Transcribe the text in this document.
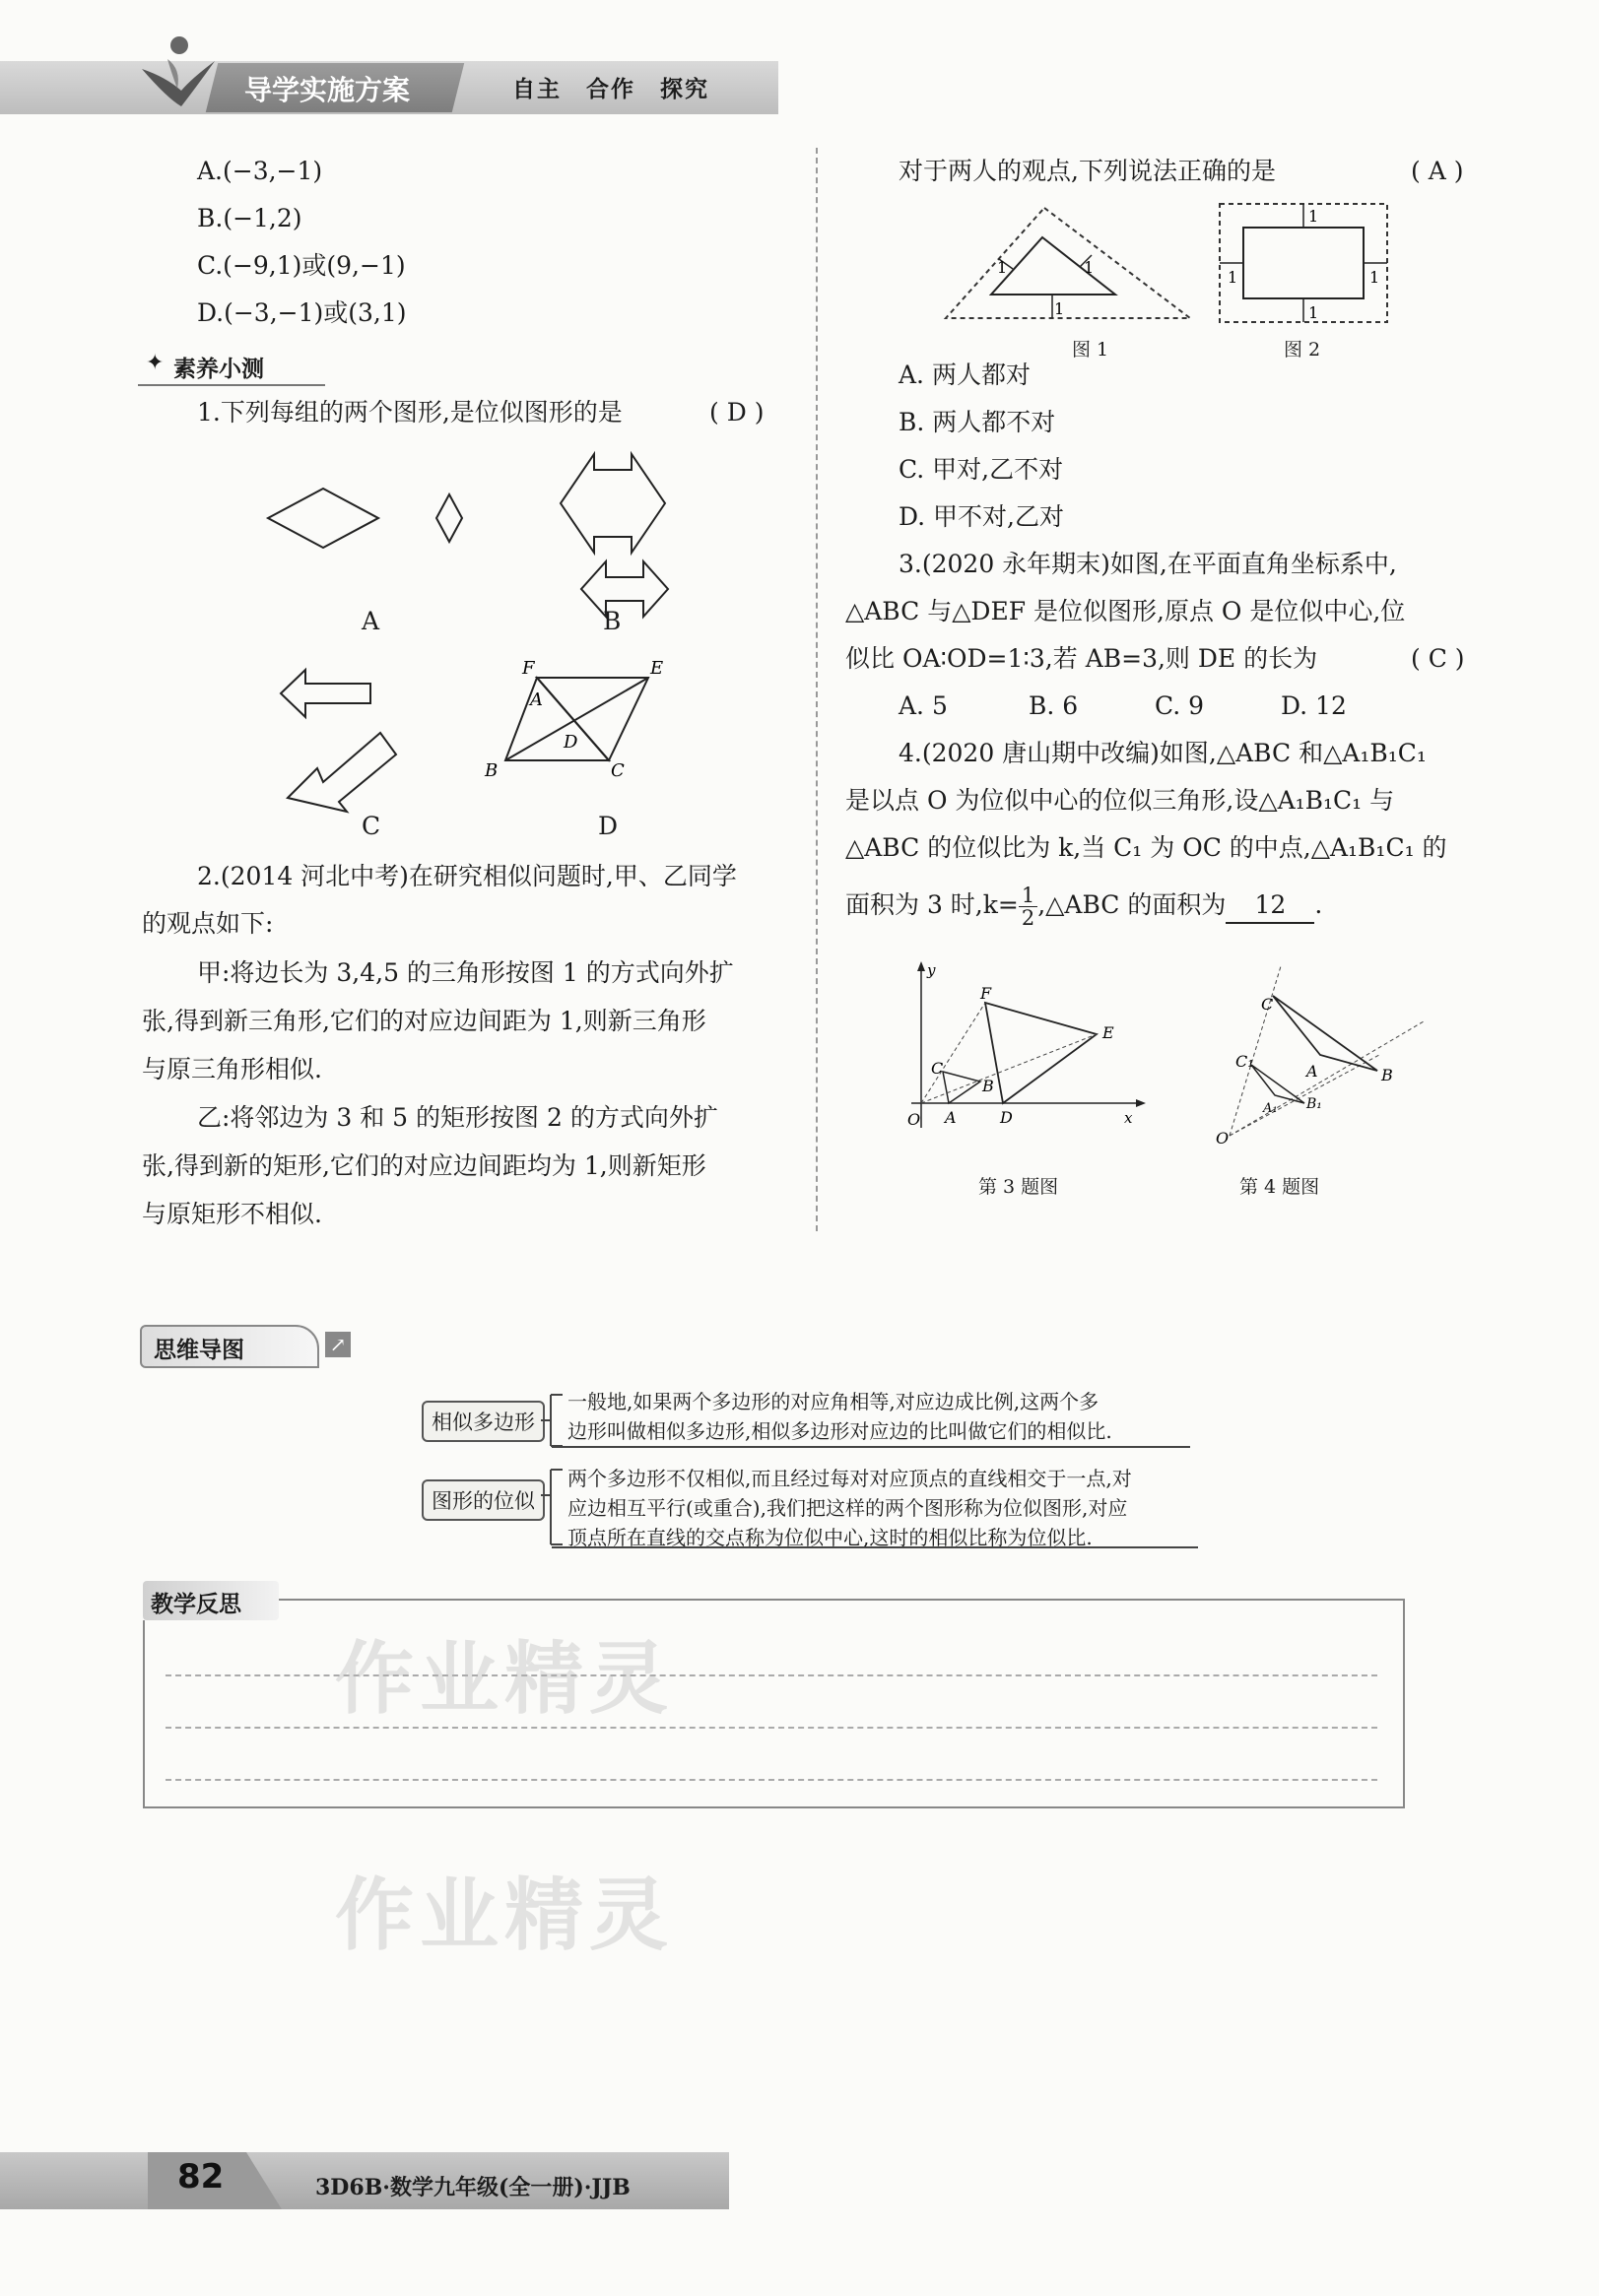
导学实施方案	自主　合作　探究
A.(−3,−1)
B.(−1,2)
C.(−9,1)或(9,−1)
D.(−3,−1)或(3,1)
✦ 素养小测
1.下列每组的两个图形,是位似图形的是	( D )
F	E
A
D
B	C
A	B
C	D
2.(2014 河北中考)在研究相似问题时,甲、乙同学
的观点如下:
甲:将边长为 3,4,5 的三角形按图 1 的方式向外扩
张,得到新三角形,它们的对应边间距为 1,则新三角形
与原三角形相似.
乙:将邻边为 3 和 5 的矩形按图 2 的方式向外扩
张,得到新的矩形,它们的对应边间距均为 1,则新矩形
与原矩形不相似.
对于两人的观点,下列说法正确的是	( A )
1
1	1
1
1
1	1
图 1	图 2
A. 两人都对
B. 两人都不对
C. 甲对,乙不对
D. 甲不对,乙对
3.(2020 永年期末)如图,在平面直角坐标系中,
△ABC 与△DEF 是位似图形,原点 O 是位似中心,位
似比 OA∶OD=1∶3,若 AB=3,则 DE 的长为	( C )
A. 5	B. 6	C. 9	D. 12
4.(2020 唐山期中改编)如图,△ABC 和△A₁B₁C₁
是以点 O 为位似中心的位似三角形,设△A₁B₁C₁ 与
△ABC 的位似比为 k,当 C₁ 为 OC 的中点,△A₁B₁C₁ 的
面积为 3 时$,k= \frac{1}{2}$ ,△ABC 的面积为 12 .
y
F
E
C
B
O A	D	x
第 3 题图
C
C₁
A
A₁
B
B₁
O
第 4 题图
思维导图	↗
相似多边形
一般地,如果两个多边形的对应角相等,对应边成比例,这两个多
边形叫做相似多边形,相似多边形对应边的比叫做它们的相似比.
图形的位似
两个多边形不仅相似,而且经过每对对应顶点的直线相交于一点,对
应边相互平行(或重合),我们把这样的两个图形称为位似图形,对应
顶点所在直线的交点称为位似中心,这时的相似比称为位似比.
教学反思
作业精灵
作业精灵
82	3D6B·数学九年级(全一册)·JJB
